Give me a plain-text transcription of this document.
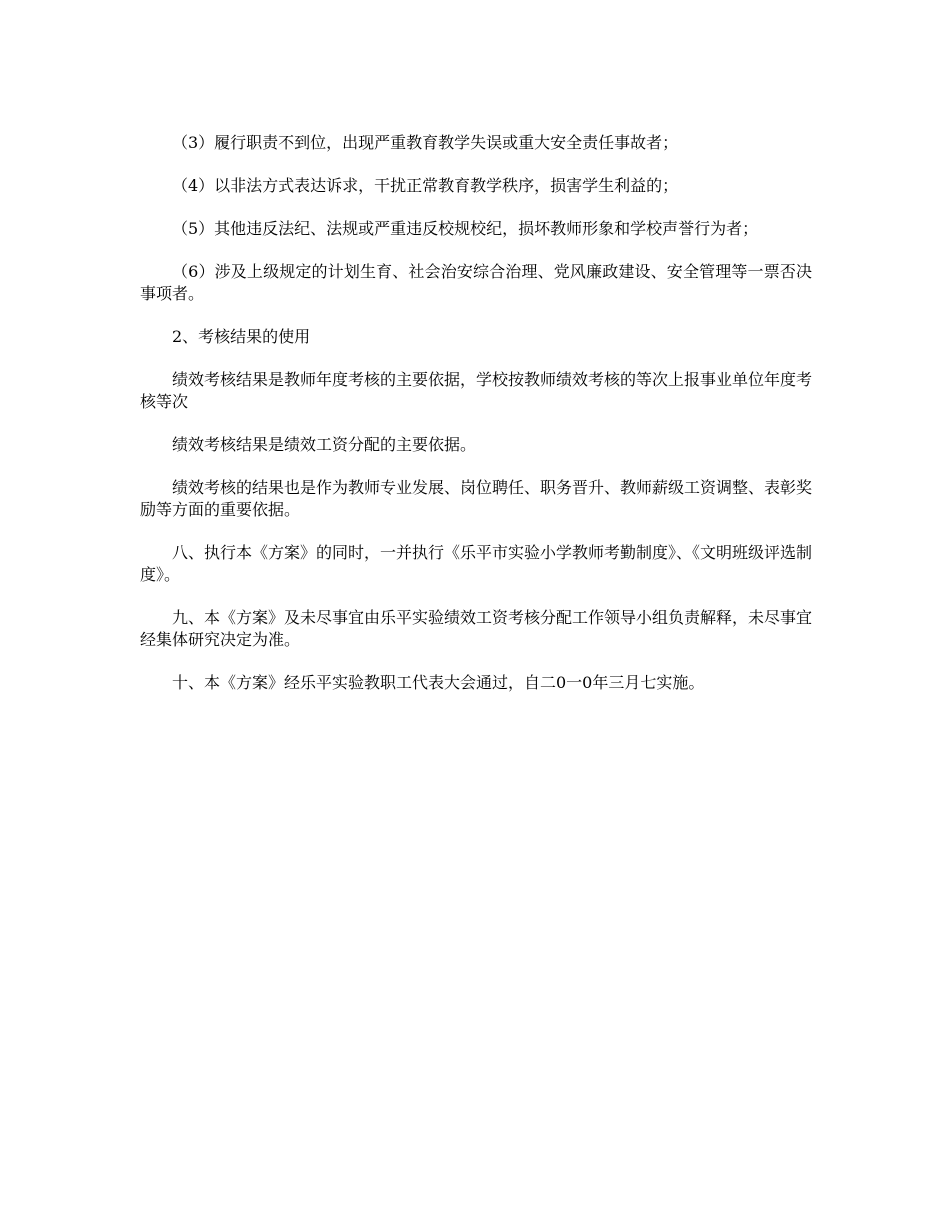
（3）履行职责不到位，出现严重教育教学失误或重大安全责任事故者；

（4）以非法方式表达诉求，干扰正常教育教学秩序，损害学生利益的；

（5）其他违反法纪、法规或严重违反校规校纪，损坏教师形象和学校声誉行为者；

（6）涉及上级规定的计划生育、社会治安综合治理、党风廉政建设、安全管理等一票否决事项者。

2、考核结果的使用

绩效考核结果是教师年度考核的主要依据，学校按教师绩效考核的等次上报事业单位年度考核等次

绩效考核结果是绩效工资分配的主要依据。

绩效考核的结果也是作为教师专业发展、岗位聘任、职务晋升、教师薪级工资调整、表彰奖励等方面的重要依据。

八、执行本《方案》的同时，一并执行《乐平市实验小学教师考勤制度》、《文明班级评选制度》。

九、本《方案》及未尽事宜由乐平实验绩效工资考核分配工作领导小组负责解释，未尽事宜经集体研究决定为准。

十、本《方案》经乐平实验教职工代表大会通过，自二0一0年三月七实施。
